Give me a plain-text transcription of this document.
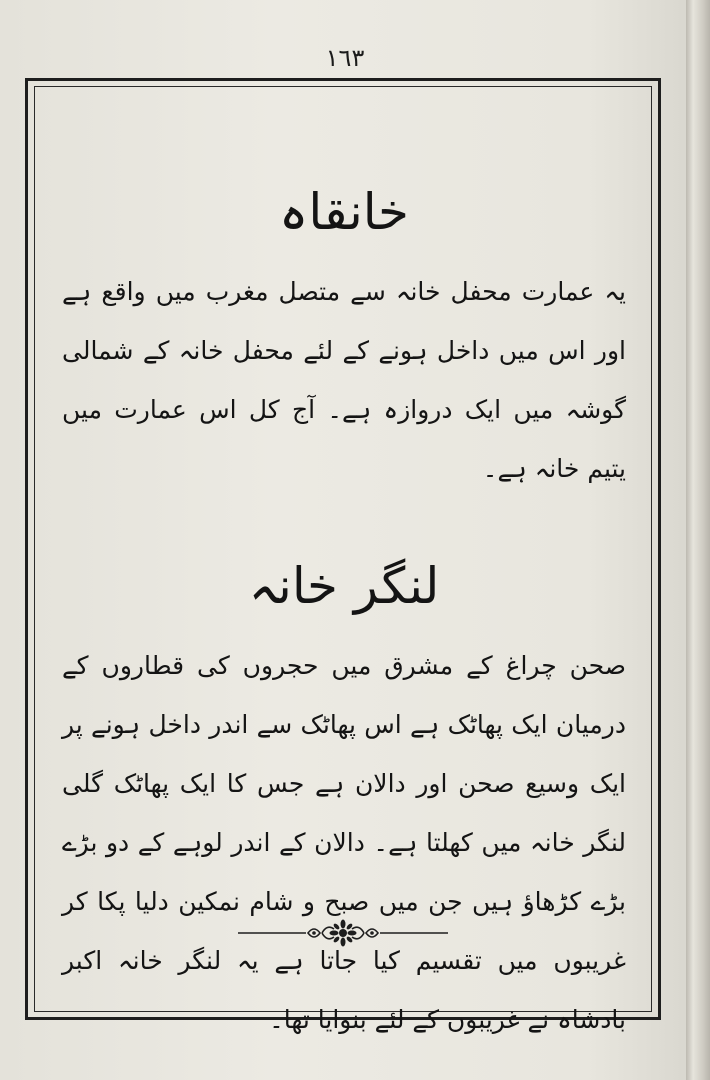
١٦٣
خانقاہ

یہ عمارت محفل خانہ سے متصل مغرب میں واقع ہے اور اس میں داخل ہونے کے لئے محفل خانہ کے شمالی گوشہ میں ایک دروازہ ہے۔ آج کل اس عمارت میں یتیم خانہ ہے۔

لنگر خانہ

صحن چراغ کے مشرق میں حجروں کی قطاروں کے درمیان ایک پھاٹک ہے اس پھاٹک سے اندر داخل ہونے پر ایک وسیع صحن اور دالان ہے جس کا ایک پھاٹک گلی لنگر خانہ میں کھلتا ہے۔ دالان کے اندر لوہے کے دو بڑے بڑے کڑھاؤ ہیں جن میں صبح و شام نمکین دلیا پکا کر غریبوں میں تقسیم کیا جاتا ہے یہ لنگر خانہ اکبر بادشاہ نے غریبوں کے لئے بنوایا تھا۔
